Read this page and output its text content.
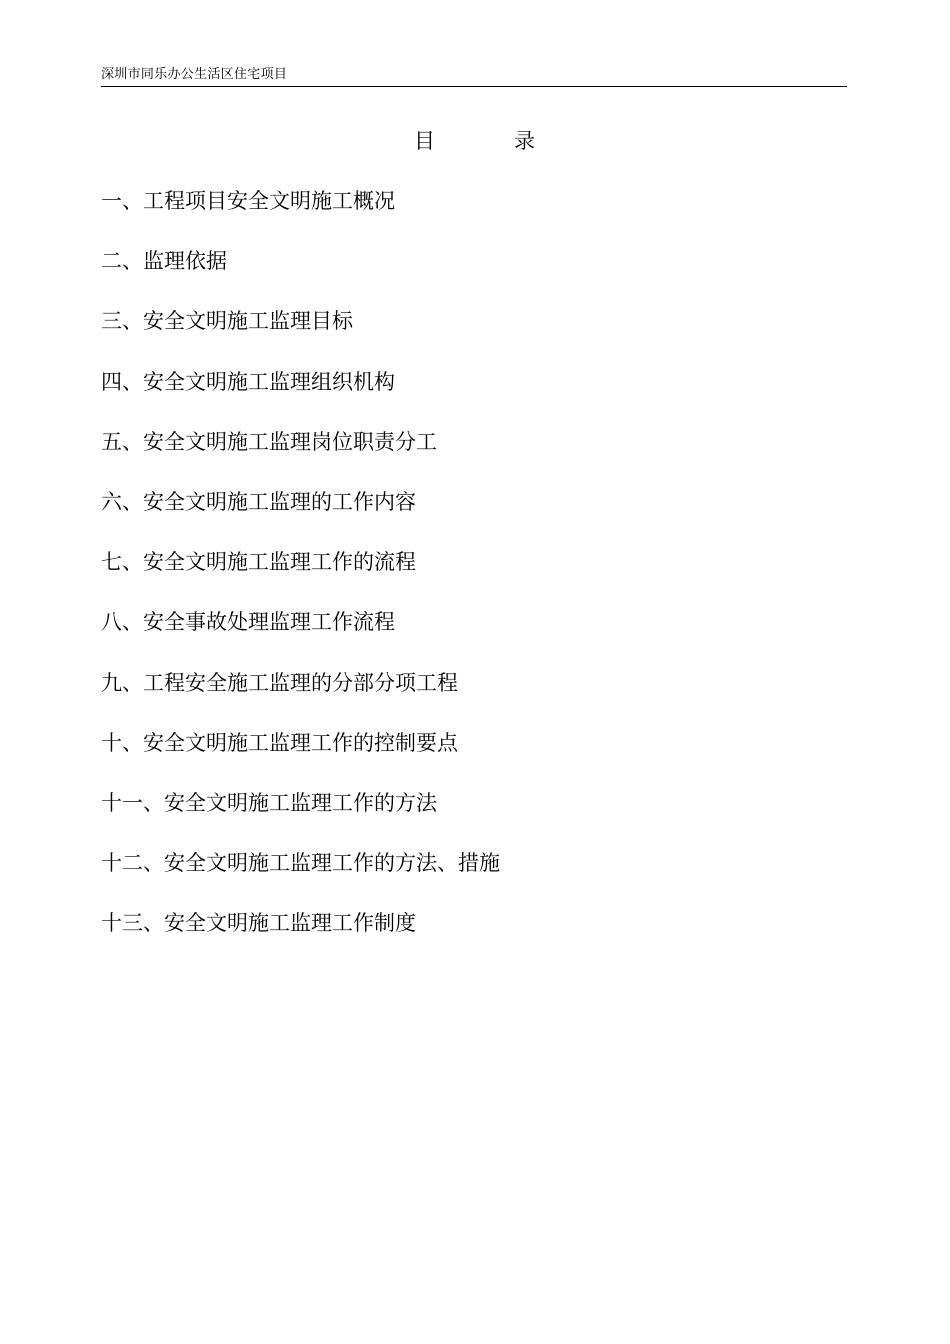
深圳市同乐办公生活区住宅项目
目	录
一、工程项目安全文明施工概况
二、监理依据
三、安全文明施工监理目标
四、安全文明施工监理组织机构
五、安全文明施工监理岗位职责分工
六、安全文明施工监理的工作内容
七、安全文明施工监理工作的流程
八、安全事故处理监理工作流程
九、工程安全施工监理的分部分项工程
十、安全文明施工监理工作的控制要点
十一、安全文明施工监理工作的方法
十二、安全文明施工监理工作的方法、措施
十三、安全文明施工监理工作制度
